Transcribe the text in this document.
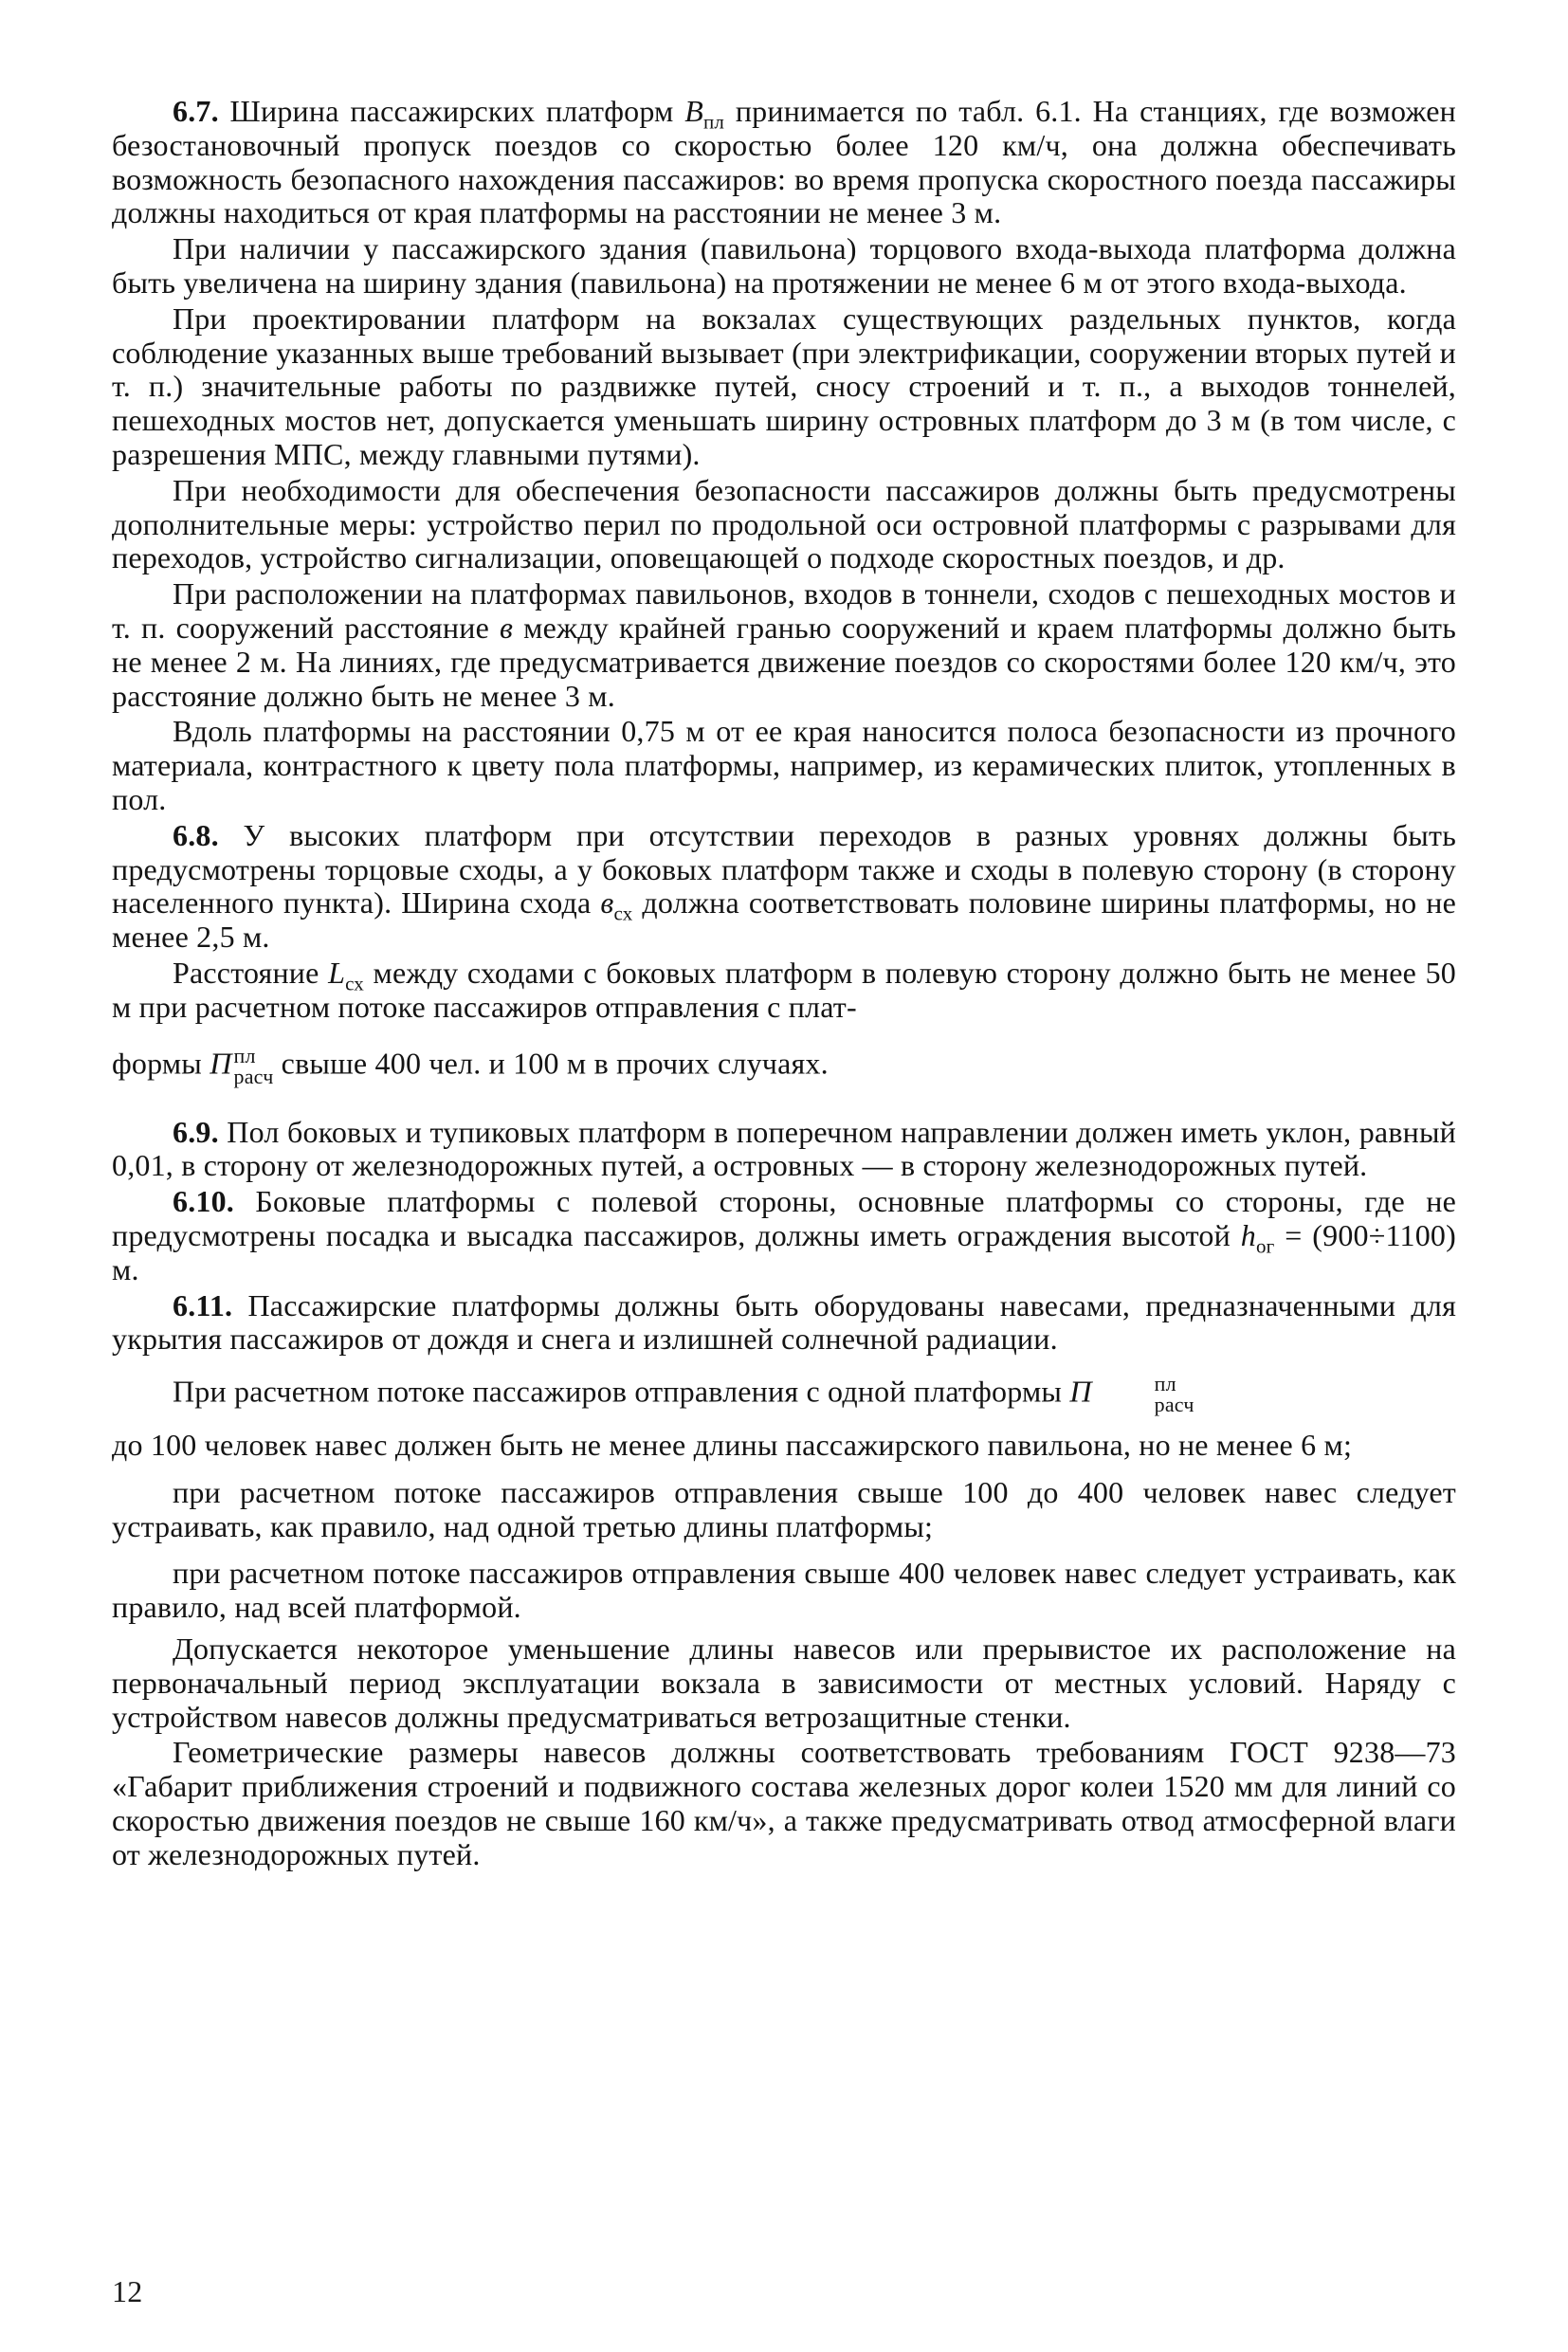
6.7. Ширина пассажирских платформ $B_{пл}$ принимается по табл. 6.1. На станциях, где возможен безостановочный пропуск поездов со скоростью более 120 км/ч, она должна обеспечивать возможность безопасного нахождения пассажиров: во время пропуска скоростного поезда пассажиры должны находиться от края платформы на расстоянии не менее 3 м.

При наличии у пассажирского здания (павильона) торцового входа-выхода платформа должна быть увеличена на ширину здания (павильона) на протяжении не менее 6 м от этого входа-выхода.

При проектировании платформ на вокзалах существующих раздельных пунктов, когда соблюдение указанных выше требований вызывает (при электрификации, сооружении вторых путей и т. п.) значительные работы по раздвижке путей, сносу строений и т. п., а выходов тоннелей, пешеходных мостов нет, допускается уменьшать ширину островных платформ до 3 м (в том числе, с разрешения МПС, между главными путями).

При необходимости для обеспечения безопасности пассажиров должны быть предусмотрены дополнительные меры: устройство перил по продольной оси островной платформы с разрывами для переходов, устройство сигнализации, оповещающей о подходе скоростных поездов, и др.

При расположении на платформах павильонов, входов в тоннели, сходов с пешеходных мостов и т. п. сооружений расстояние в между крайней гранью сооружений и краем платформы должно быть не менее 2 м. На линиях, где предусматривается движение поездов со скоростями более 120 км/ч, это расстояние должно быть не менее 3 м.

Вдоль платформы на расстоянии 0,75 м от ее края наносится полоса безопасности из прочного материала, контрастного к цвету пола платформы, например, из керамических плиток, утопленных в пол.

6.8. У высоких платформ при отсутствии переходов в разных уровнях должны быть предусмотрены торцовые сходы, а у боковых платформ также и сходы в полевую сторону (в сторону населенного пункта). Ширина схода $в_{сх}$ должна соответствовать половине ширины платформы, но не менее 2,5 м.

Расстояние $L_{сх}$ между сходами с боковых платформ в полевую сторону должно быть не менее 50 м при расчетном потоке пассажиров отправления с плат-

формы П пл
расч свыше 400 чел. и 100 м в прочих случаях.

6.9. Пол боковых и тупиковых платформ в поперечном направлении должен иметь уклон, равный 0,01, в сторону от железнодорожных путей, а островных — в сторону железнодорожных путей.

6.10. Боковые платформы с полевой стороны, основные платформы со стороны, где не предусмотрены посадка и высадка пассажиров, должны иметь ограждения высотой $h_{ог} = (900\div 1100)$ м.

6.11. Пассажирские платформы должны быть оборудованы навесами, предназначенными для укрытия пассажиров от дождя и снега и излишней солнечной радиации.

При расчетном потоке пассажиров отправления с одной платформы П	пл
расч

до 100 человек навес должен быть не менее длины пассажирского павильона, но не менее 6 м;

при расчетном потоке пассажиров отправления свыше 100 до 400 человек навес следует устраивать, как правило, над одной третью длины платформы;

при расчетном потоке пассажиров отправления свыше 400 человек навес следует устраивать, как правило, над всей платформой.

Допускается некоторое уменьшение длины навесов или прерывистое их расположение на первоначальный период эксплуатации вокзала в зависимости от местных условий. Наряду с устройством навесов должны предусматриваться ветрозащитные стенки.

Геометрические размеры навесов должны соответствовать требованиям ГОСТ 9238—73 «Габарит приближения строений и подвижного состава железных дорог колеи 1520 мм для линий со скоростью движения поездов не свыше 160 км/ч», а также предусматривать отвод атмосферной влаги от железнодорожных путей.

12
